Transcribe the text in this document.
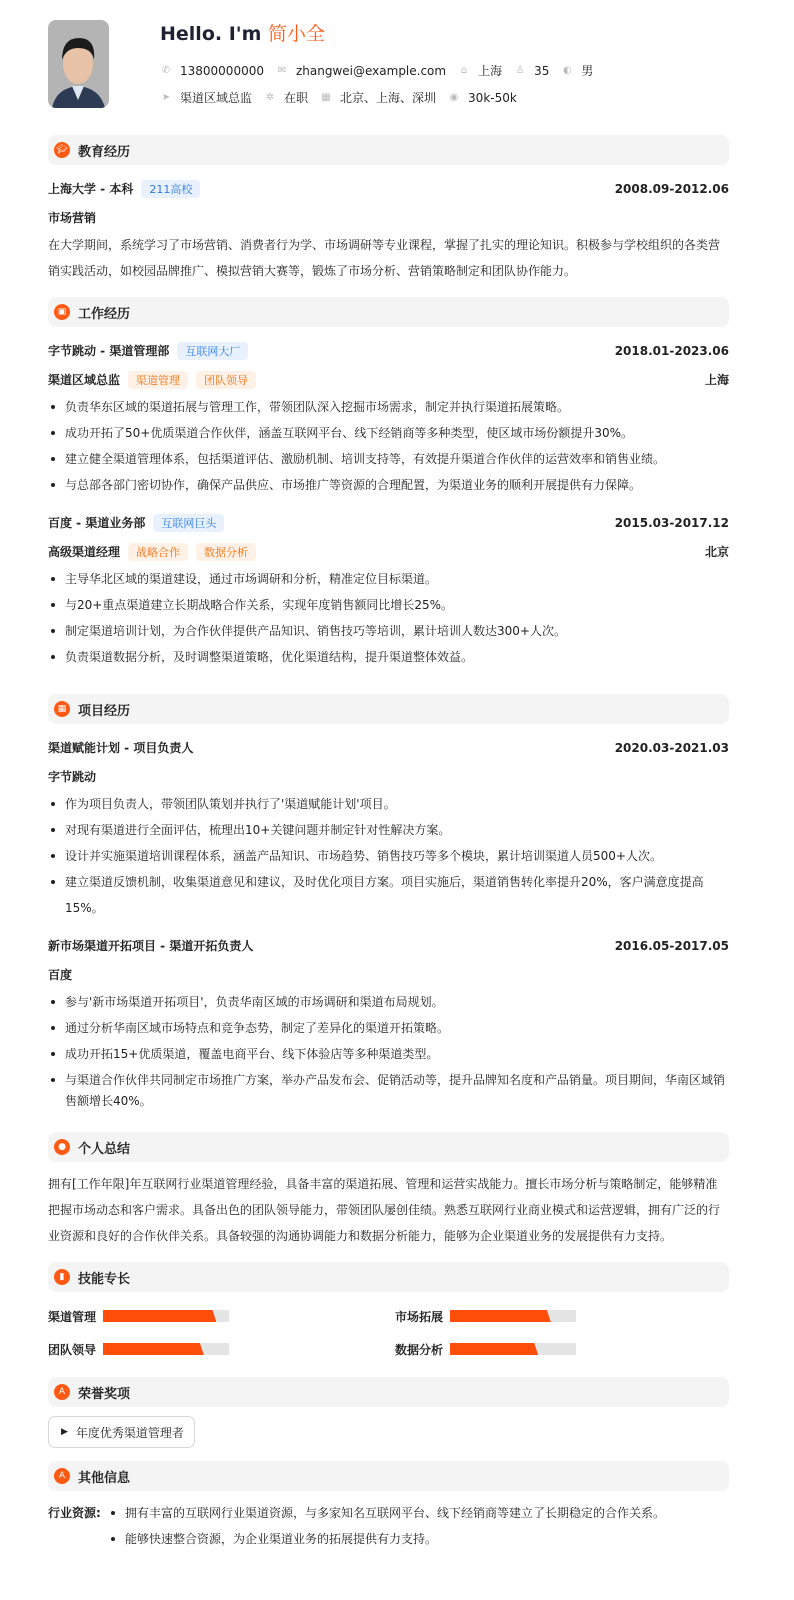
Hello. I'm 简小全
✆ 13800000000 ✉ zhangwei@example.com ⌂ 上海 ♙ 35 ◐ 男
➤ 渠道区域总监 ✲ 在职 ▦ 北京、上海、深圳 ◉ 30k-50k
🎓︎ 教育经历
上海大学 - 本科	211高校	2008.09-2012.06
市场营销
在大学期间，系统学习了市场营销、消费者行为学、市场调研等专业课程，掌握了扎实的理论知识。积极参与学校组织的各类营销实践活动，如校园品牌推广、模拟营销大赛等，锻炼了市场分析、营销策略制定和团队协作能力。
▣ 工作经历
字节跳动 - 渠道管理部	互联网大厂	2018.01-2023.06
渠道区域总监	渠道管理	团队领导	上海
负责华东区域的渠道拓展与管理工作，带领团队深入挖掘市场需求，制定并执行渠道拓展策略。
成功开拓了50+优质渠道合作伙伴，涵盖互联网平台、线下经销商等多种类型，使区域市场份额提升30%。
建立健全渠道管理体系，包括渠道评估、激励机制、培训支持等，有效提升渠道合作伙伴的运营效率和销售业绩。
与总部各部门密切协作，确保产品供应、市场推广等资源的合理配置，为渠道业务的顺利开展提供有力保障。
百度 - 渠道业务部	互联网巨头	2015.03-2017.12
高级渠道经理	战略合作	数据分析	北京
主导华北区域的渠道建设，通过市场调研和分析，精准定位目标渠道。
与20+重点渠道建立长期战略合作关系，实现年度销售额同比增长25%。
制定渠道培训计划，为合作伙伴提供产品知识、销售技巧等培训，累计培训人数达300+人次。
负责渠道数据分析，及时调整渠道策略，优化渠道结构，提升渠道整体效益。
▦ 项目经历
渠道赋能计划 - 项目负责人	2020.03-2021.03
字节跳动
作为项目负责人，带领团队策划并执行了'渠道赋能计划'项目。
对现有渠道进行全面评估，梳理出10+关键问题并制定针对性解决方案。
设计并实施渠道培训课程体系，涵盖产品知识、市场趋势、销售技巧等多个模块，累计培训渠道人员500+人次。
建立渠道反馈机制，收集渠道意见和建议，及时优化项目方案。项目实施后，渠道销售转化率提升20%，客户满意度提高15%。
新市场渠道开拓项目 - 渠道开拓负责人	2016.05-2017.05
百度
参与'新市场渠道开拓项目'，负责华南区域的市场调研和渠道布局规划。
通过分析华南区域市场特点和竞争态势，制定了差异化的渠道开拓策略。
成功开拓15+优质渠道，覆盖电商平台、线下体验店等多种渠道类型。
与渠道合作伙伴共同制定市场推广方案，举办产品发布会、促销活动等，提升品牌知名度和产品销量。项目期间，华南区域销售额增长40%。
● 个人总结
拥有[工作年限]年互联网行业渠道管理经验，具备丰富的渠道拓展、管理和运营实战能力。擅长市场分析与策略制定，能够精准把握市场动态和客户需求。具备出色的团队领导能力，带领团队屡创佳绩。熟悉互联网行业商业模式和运营逻辑，拥有广泛的行业资源和良好的合作伙伴关系。具备较强的沟通协调能力和数据分析能力，能够为企业渠道业务的发展提供有力支持。
▮	技能专长
渠道管理	市场拓展
团队领导	数据分析
A 荣誉奖项
▶ 年度优秀渠道管理者
A 其他信息
行业资源:	拥有丰富的互联网行业渠道资源，与多家知名互联网平台、线下经销商等建立了长期稳定的合作关系。
能够快速整合资源，为企业渠道业务的拓展提供有力支持。
